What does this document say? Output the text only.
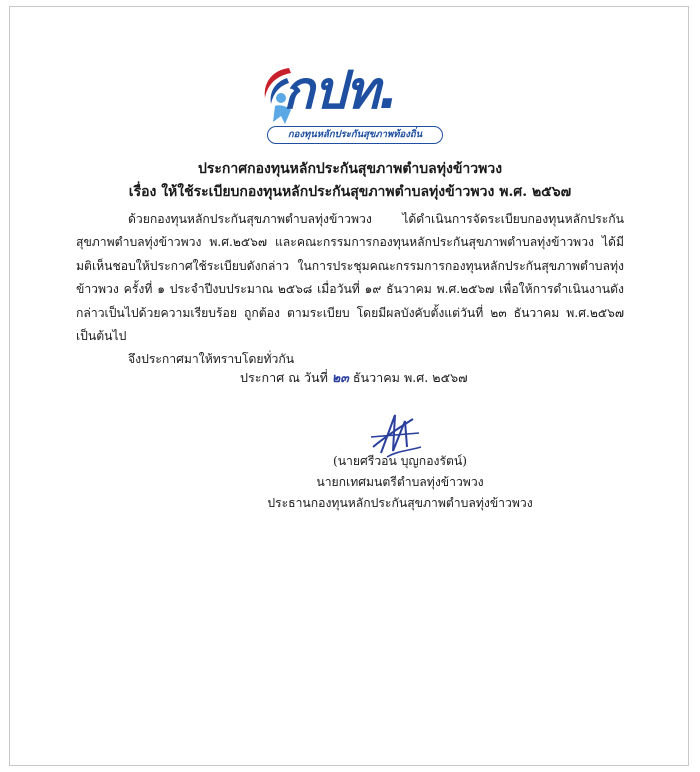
กปท.
กองทุนหลักประกันสุขภาพท้องถิ่น
ประกาศกองทุนหลักประกันสุขภาพตำบลทุ่งข้าวพวง
เรื่อง ให้ใช้ระเบียบกองทุนหลักประกันสุขภาพตำบลทุ่งข้าวพวง พ.ศ. ๒๕๖๗

ด้วยกองทุนหลักประกันสุขภาพตำบลทุ่งข้าวพวง ได้ดำเนินการจัดระเบียบกองทุนหลักประกันสุขภาพตำบลทุ่งข้าวพวง พ.ศ.๒๕๖๗ และคณะกรรมการกองทุนหลักประกันสุขภาพตำบลทุ่งข้าวพวง ได้มีมติเห็นชอบให้ประกาศใช้ระเบียบดังกล่าว ในการประชุมคณะกรรมการกองทุนหลักประกันสุขภาพตำบลทุ่งข้าวพวง ครั้งที่ ๑ ประจำปีงบประมาณ ๒๕๖๘ เมื่อวันที่ ๑๙ ธันวาคม พ.ศ.๒๕๖๗ เพื่อให้การดำเนินงานดังกล่าวเป็นไปด้วยความเรียบร้อย ถูกต้อง ตามระเบียบ โดยมีผลบังคับตั้งแต่วันที่ ๒๓ ธันวาคม พ.ศ.๒๕๖๗ เป็นต้นไป

จึงประกาศมาให้ทราบโดยทั่วกัน

ประกาศ ณ วันที่ ๒๓ ธันวาคม พ.ศ. ๒๕๖๗
(นายศรีวอน บุญกองรัตน์)
นายกเทศมนตรีตำบลทุ่งข้าวพวง
ประธานกองทุนหลักประกันสุขภาพตำบลทุ่งข้าวพวง
